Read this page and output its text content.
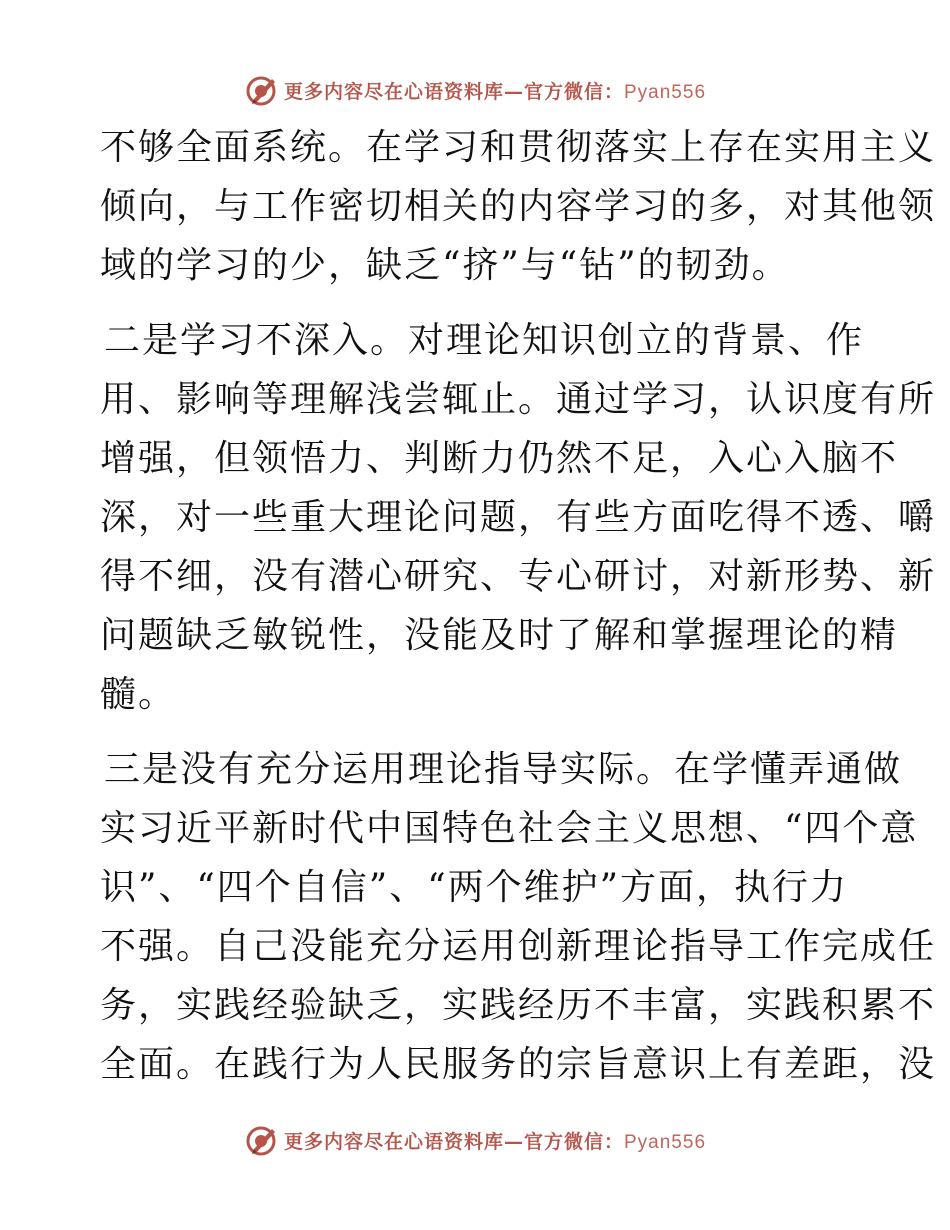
更多内容尽在心语资料库—官方微信：Pyan556

不够全面系统。在学习和贯彻落实上存在实用主义
倾向，与工作密切相关的内容学习的多，对其他领
域的学习的少，缺乏“挤”与“钻”的韧劲。

二是学习不深入。对理论知识创立的背景、作
用、影响等理解浅尝辄止。通过学习，认识度有所
增强，但领悟力、判断力仍然不足，入心入脑不
深，对一些重大理论问题，有些方面吃得不透、嚼
得不细，没有潜心研究、专心研讨，对新形势、新
问题缺乏敏锐性，没能及时了解和掌握理论的精
髓。

三是没有充分运用理论指导实际。在学懂弄通做
实习近平新时代中国特色社会主义思想、“四个意
识”、“四个自信”、“两个维护”方面，执行力
不强。自己没能充分运用创新理论指导工作完成任
务，实践经验缺乏，实践经历不丰富，实践积累不
全面。在践行为人民服务的宗旨意识上有差距，没

更多内容尽在心语资料库—官方微信：Pyan556
